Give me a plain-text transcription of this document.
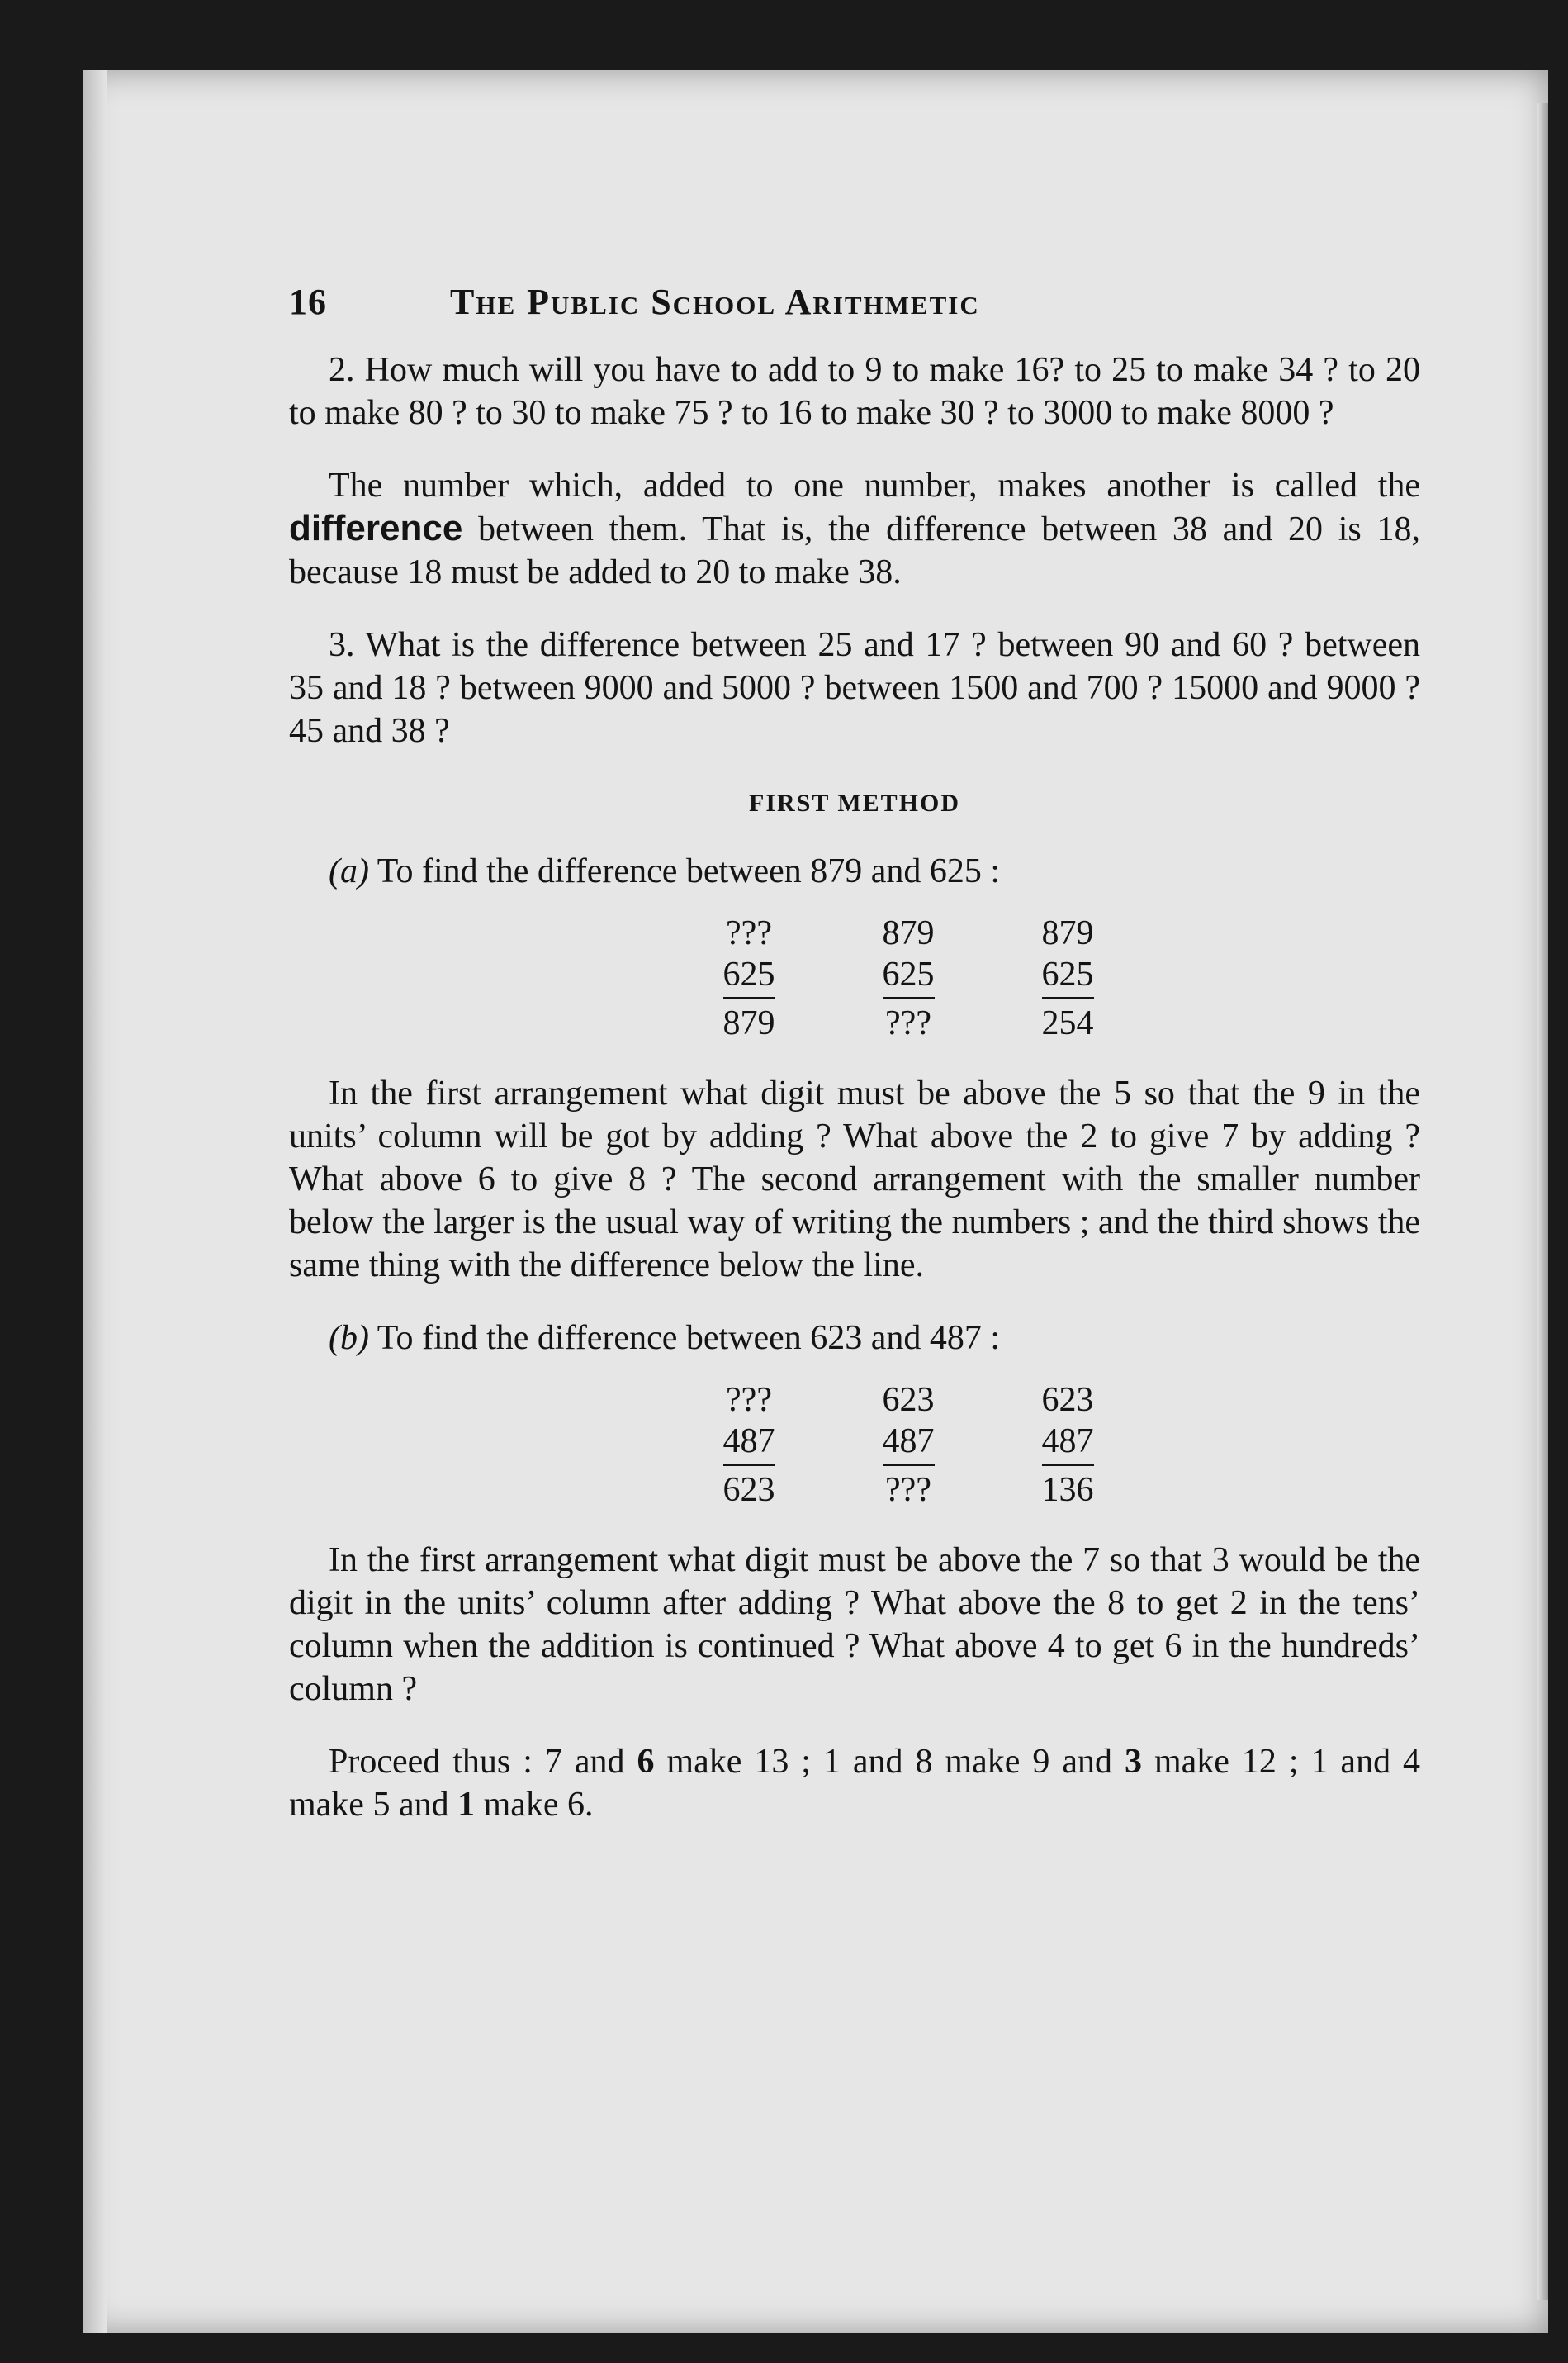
16	The Public School Arithmetic

2. How much will you have to add to 9 to make 16? to 25 to make 34 ? to 20 to make 80 ? to 30 to make 75 ? to 16 to make 30 ? to 3000 to make 8000 ?

The number which, added to one number, makes another is called the difference between them. That is, the difference between 38 and 20 is 18, because 18 must be added to 20 to make 38.

3. What is the difference between 25 and 17 ? between 90 and 60 ? between 35 and 18 ? between 9000 and 5000 ? between 1500 and 700 ? 15000 and 9000 ? 45 and 38 ?

FIRST METHOD
(a) To find the difference between 879 and 625 :
???
625
879
879
625
???
879
625
254

In the first arrangement what digit must be above the 5 so that the 9 in the units’ column will be got by adding ? What above the 2 to give 7 by adding ? What above 6 to give 8 ? The second arrangement with the smaller number below the larger is the usual way of writing the numbers ; and the third shows the same thing with the difference below the line.

(b) To find the difference between 623 and 487 :
???
487
623
623
487
???
623
487
136

In the first arrangement what digit must be above the 7 so that 3 would be the digit in the units’ column after adding ? What above the 8 to get 2 in the tens’ column when the addition is continued ? What above 4 to get 6 in the hundreds’ column ?

Proceed thus : 7 and 6 make 13 ; 1 and 8 make 9 and 3 make 12 ; 1 and 4 make 5 and 1 make 6.
